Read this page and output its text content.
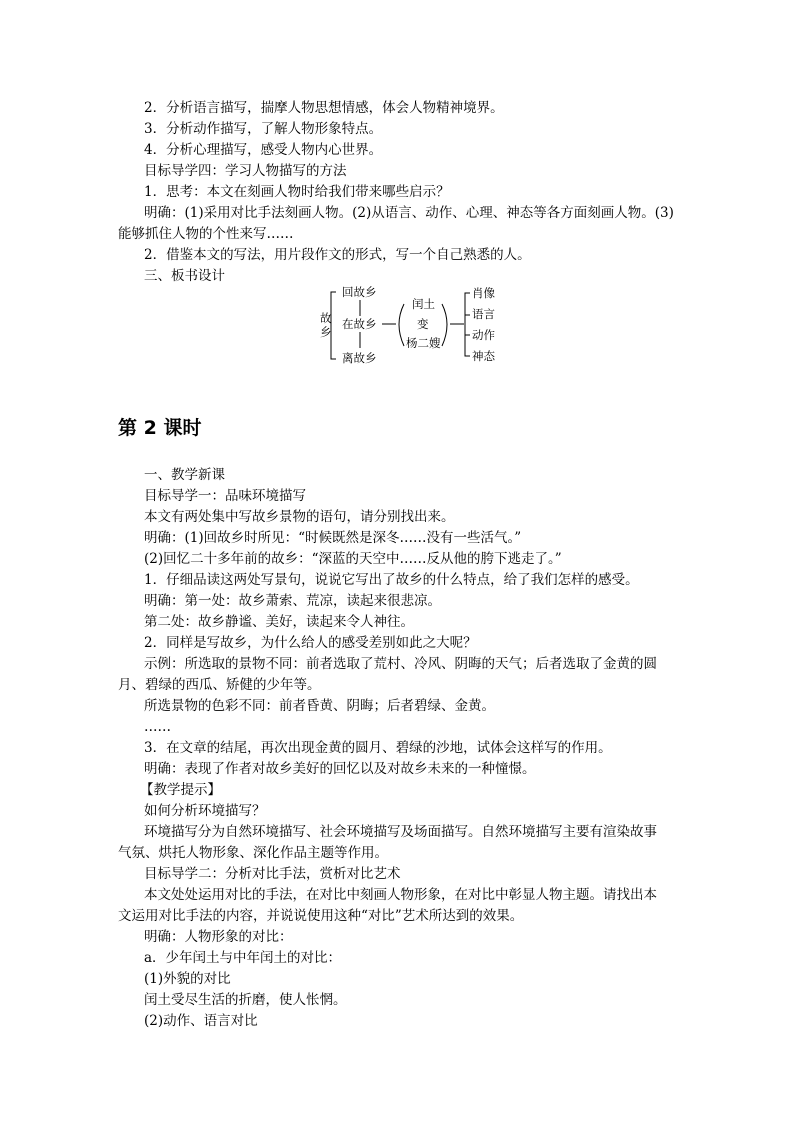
2．分析语言描写，揣摩人物思想情感，体会人物精神境界。
3．分析动作描写，了解人物形象特点。
4．分析心理描写，感受人物内心世界。
目标导学四：学习人物描写的方法
1．思考：本文在刻画人物时给我们带来哪些启示？
明确：(1)采用对比手法刻画人物。(2)从语言、动作、心理、神态等各方面刻画人物。(3)
能够抓住人物的个性来写……
2．借鉴本文的写法，用片段作文的形式，写一个自己熟悉的人。
三、板书设计
故
乡
回故乡
在故乡
离故乡
闰土
变
杨二嫂
肖像
语言
动作
神态
第 2 课时
一、教学新课
目标导学一：品味环境描写
本文有两处集中写故乡景物的语句，请分别找出来。
明确：(1)回故乡时所见：“时候既然是深冬……没有一些活气。”
(2)回忆二十多年前的故乡：“深蓝的天空中……反从他的胯下逃走了。”
1．仔细品读这两处写景句，说说它写出了故乡的什么特点，给了我们怎样的感受。
明确：第一处：故乡萧索、荒凉，读起来很悲凉。
第二处：故乡静谧、美好，读起来令人神往。
2．同样是写故乡，为什么给人的感受差别如此之大呢？
示例：所选取的景物不同：前者选取了荒村、冷风、阴晦的天气；后者选取了金黄的圆
月、碧绿的西瓜、矫健的少年等。
所选景物的色彩不同：前者昏黄、阴晦；后者碧绿、金黄。
……
3．在文章的结尾，再次出现金黄的圆月、碧绿的沙地，试体会这样写的作用。
明确：表现了作者对故乡美好的回忆以及对故乡未来的一种憧憬。
【教学提示】
如何分析环境描写？
环境描写分为自然环境描写、社会环境描写及场面描写。自然环境描写主要有渲染故事
气氛、烘托人物形象、深化作品主题等作用。
目标导学二：分析对比手法，赏析对比艺术
本文处处运用对比的手法，在对比中刻画人物形象，在对比中彰显人物主题。请找出本
文运用对比手法的内容，并说说使用这种“对比”艺术所达到的效果。
明确：人物形象的对比：
a．少年闰土与中年闰土的对比：
(1)外貌的对比
闰土受尽生活的折磨，使人怅惘。
(2)动作、语言对比
